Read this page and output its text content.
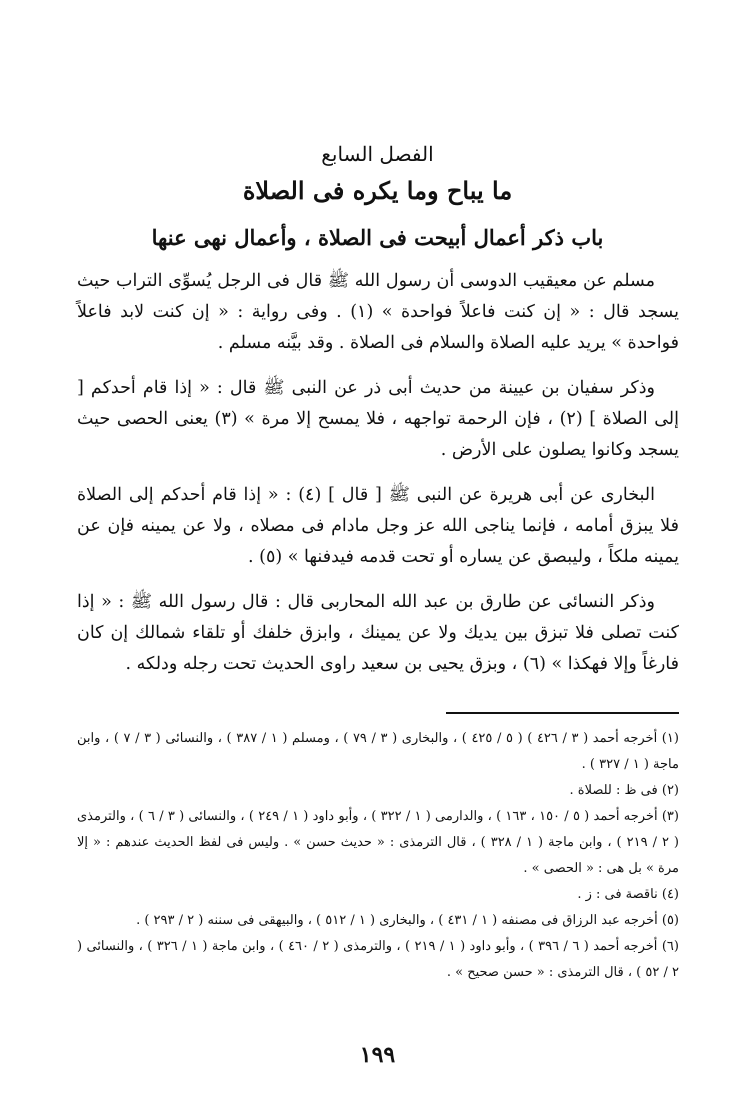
الفصل السابع
ما يباح وما يكره فى الصلاة
باب ذكر أعمال أبيحت فى الصلاة ، وأعمال نهى عنها

مسلم عن معيقيب الدوسى أن رسول الله ﷺ قال فى الرجل يُسوِّى التراب حيث يسجد قال : « إن كنت فاعلاً فواحدة » (١) . وفى رواية : « إن كنت لابد فاعلاً فواحدة » يريد عليه الصلاة والسلام فى الصلاة . وقد بيَّنه مسلم .

وذكر سفيان بن عيينة من حديث أبى ذر عن النبى ﷺ قال : « إذا قام أحدكم [ إلى الصلاة ] (٢) ، فإن الرحمة تواجهه ، فلا يمسح إلا مرة » (٣) يعنى الحصى حيث يسجد وكانوا يصلون على الأرض .

البخارى عن أبى هريرة عن النبى ﷺ [ قال ] (٤) : « إذا قام أحدكم إلى الصلاة فلا يبزق أمامه ، فإنما يناجى الله عز وجل مادام فى مصلاه ، ولا عن يمينه فإن عن يمينه ملكاً ، وليبصق عن يساره أو تحت قدمه فيدفنها » (٥) .

وذكر النسائى عن طارق بن عبد الله المحاربى قال : قال رسول الله ﷺ : « إذا كنت تصلى فلا تبزق بين يديك ولا عن يمينك ، وابزق خلفك أو تلقاء شمالك إن كان فارغاً وإلا فهكذا » (٦) ، وبزق يحيى بن سعيد راوى الحديث تحت رجله ودلكه .

(١) أخرجه أحمد ( ٣ / ٤٢٦ ) ( ٥ / ٤٢٥ ) ، والبخارى ( ٣ / ٧٩ ) ، ومسلم ( ١ / ٣٨٧ ) ، والنسائى ( ٣ / ٧ ) ، وابن ماجة ( ١ / ٣٢٧ ) .

(٢) فى ظ : للصلاة .

(٣) أخرجه أحمد ( ٥ / ١٥٠ ، ١٦٣ ) ، والدارمى ( ١ / ٣٢٢ ) ، وأبو داود ( ١ / ٢٤٩ ) ، والنسائى ( ٣ / ٦ ) ، والترمذى ( ٢ / ٢١٩ ) ، وابن ماجة ( ١ / ٣٢٨ ) ، قال الترمذى : « حديث حسن » . وليس فى لفظ الحديث عندهم : « إلا مرة » بل هى : « الحصى » .

(٤) ناقصة فى : ز .

(٥) أخرجه عبد الرزاق فى مصنفه ( ١ / ٤٣١ ) ، والبخارى ( ١ / ٥١٢ ) ، والبيهقى فى سننه ( ٢ / ٢٩٣ ) .

(٦) أخرجه أحمد ( ٦ / ٣٩٦ ) ، وأبو داود ( ١ / ٢١٩ ) ، والترمذى ( ٢ / ٤٦٠ ) ، وابن ماجة ( ١ / ٣٢٦ ) ، والنسائى ( ٢ / ٥٢ ) ، قال الترمذى : « حسن صحيح » .

١٩٩
